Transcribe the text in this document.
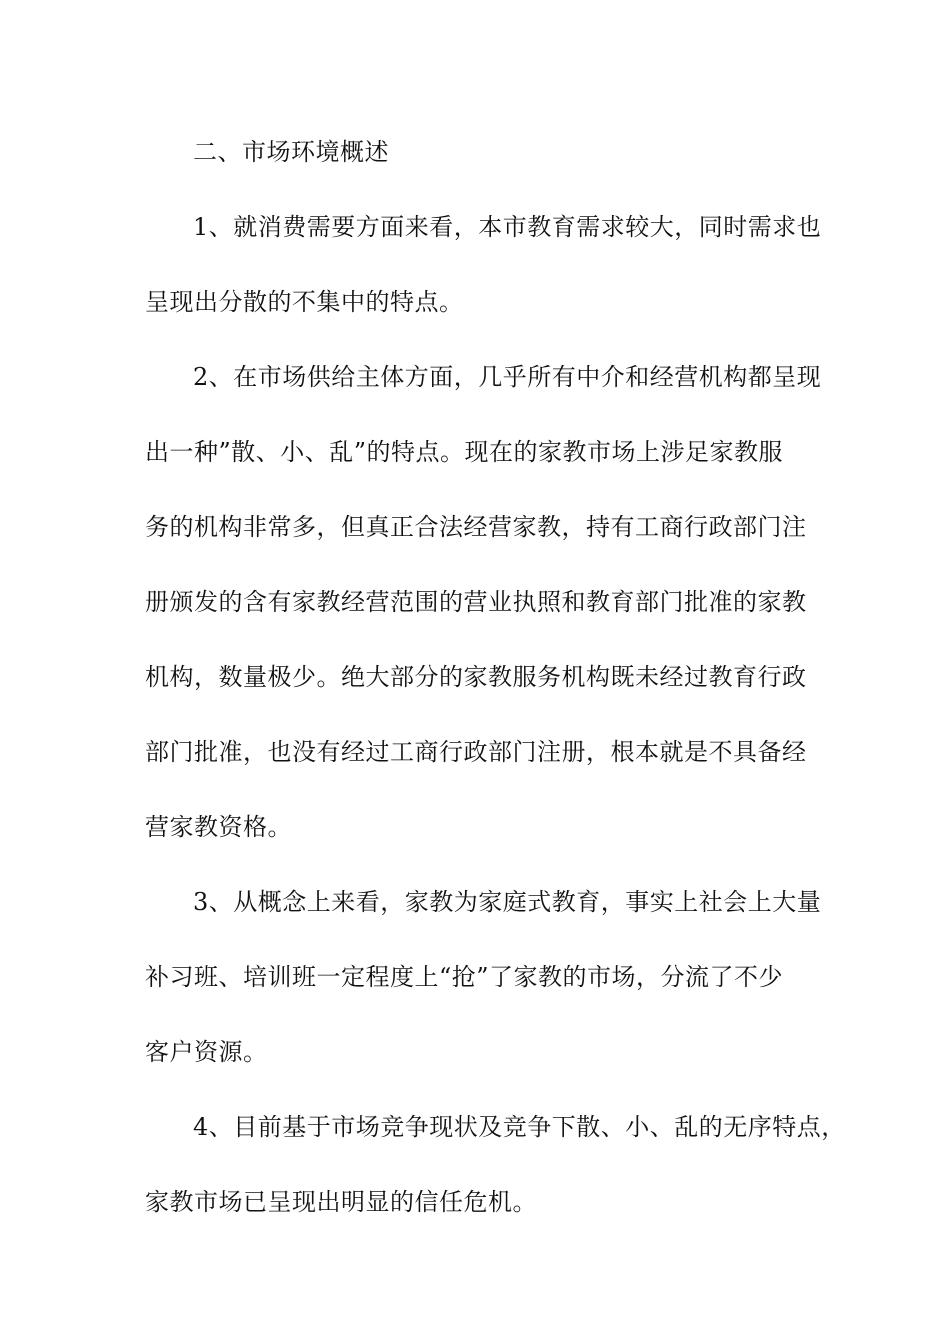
二、市场环境概述
1、就消费需要方面来看，本市教育需求较大，同时需求也
呈现出分散的不集中的特点。
2、在市场供给主体方面，几乎所有中介和经营机构都呈现
出一种”散、小、乱”的特点。现在的家教市场上涉足家教服
务的机构非常多，但真正合法经营家教，持有工商行政部门注
册颁发的含有家教经营范围的营业执照和教育部门批准的家教
机构，数量极少。绝大部分的家教服务机构既未经过教育行政
部门批准，也没有经过工商行政部门注册，根本就是不具备经
营家教资格。
3、从概念上来看，家教为家庭式教育，事实上社会上大量
补习班、培训班一定程度上“抢”了家教的市场，分流了不少
客户资源。
4、目前基于市场竞争现状及竞争下散、小、乱的无序特点，
家教市场已呈现出明显的信任危机。
